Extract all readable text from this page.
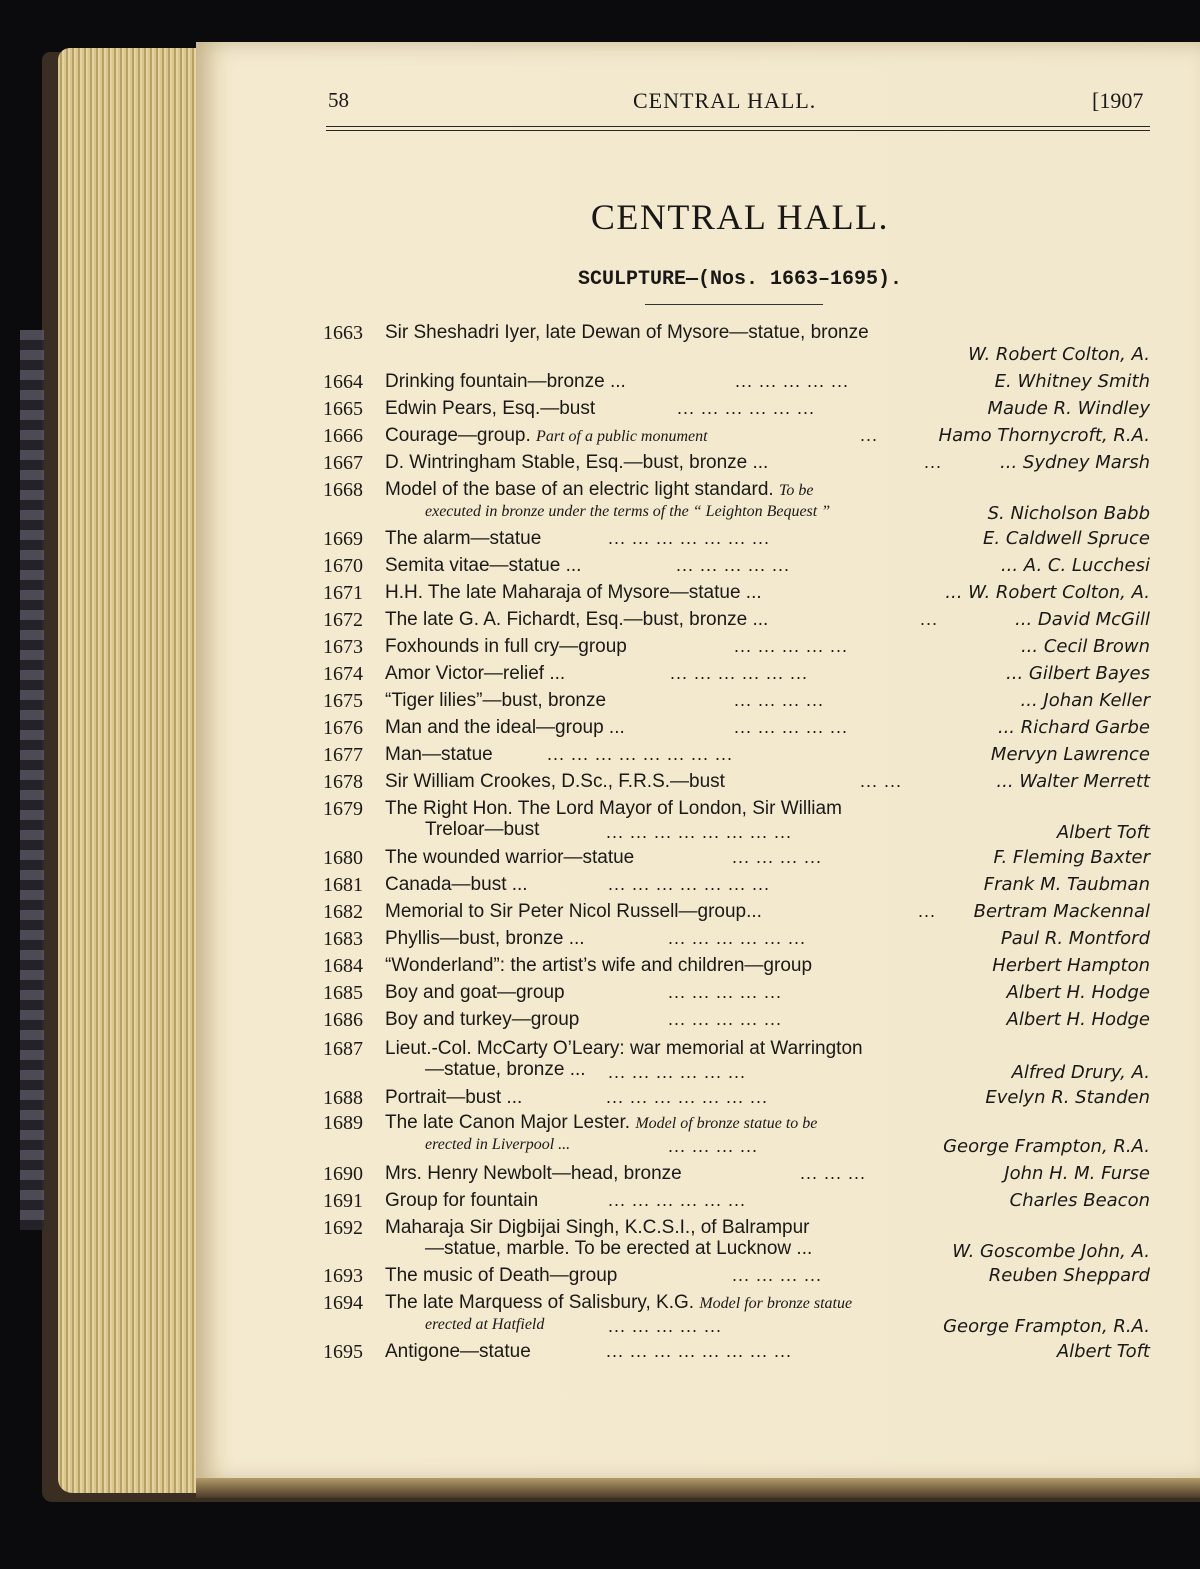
58	CENTRAL HALL.	[1907
CENTRAL HALL.
SCULPTURE—(Nos. 1663–1695).
1663	Sir Sheshadri Iyer, late Dewan of Mysore—statue, bronze
W. Robert Colton, A.
1664	Drinking fountain—bronze ...	... ... ... ... ...	E. Whitney Smith
1665	Edwin Pears, Esq.—bust	... ... ... ... ... ...	Maude R. Windley
1666	Courage—group. Part of a public monument	...	Hamo Thornycroft, R.A.
1667	D. Wintringham Stable, Esq.—bust, bronze ...	...	... Sydney Marsh
1668	Model of the base of an electric light standard. To be
executed in bronze under the terms of the “ Leighton Bequest ”	S. Nicholson Babb
1669	The alarm—statue	... ... ... ... ... ... ...	E. Caldwell Spruce
1670	Semita vitae—statue ...	... ... ... ... ...	... A. C. Lucchesi
1671	H.H. The late Maharaja of Mysore—statue ...	... W. Robert Colton, A.
1672	The late G. A. Fichardt, Esq.—bust, bronze ...	...	... David McGill
1673	Foxhounds in full cry—group	... ... ... ... ...	... Cecil Brown
1674	Amor Victor—relief ...	... ... ... ... ... ...	... Gilbert Bayes
1675	“Tiger lilies”—bust, bronze	... ... ... ...	... Johan Keller
1676	Man and the ideal—group ...	... ... ... ... ...	... Richard Garbe
1677	Man—statue	... ... ... ... ... ... ... ...	Mervyn Lawrence
1678	Sir William Crookes, D.Sc., F.R.S.—bust	... ...	... Walter Merrett
1679	The Right Hon. The Lord Mayor of London, Sir William
Treloar—bust	... ... ... ... ... ... ... ...	Albert Toft
1680	The wounded warrior—statue	... ... ... ...	F. Fleming Baxter
1681	Canada—bust ...	... ... ... ... ... ... ...	Frank M. Taubman
1682	Memorial to Sir Peter Nicol Russell—group...	... Bertram Mackennal
1683	Phyllis—bust, bronze ...	... ... ... ... ... ...	Paul R. Montford
1684	“Wonderland”: the artist’s wife and children—group	Herbert Hampton
1685	Boy and goat—group	... ... ... ... ...	Albert H. Hodge
1686	Boy and turkey—group	... ... ... ... ...	Albert H. Hodge
1687	Lieut.-Col. McCarty O’Leary: war memorial at Warrington
—statue, bronze ... ... ... ... ... ... ...	Alfred Drury, A.
1688	Portrait—bust ...	... ... ... ... ... ... ...	Evelyn R. Standen
1689	The late Canon Major Lester. Model of bronze statue to be
erected in Liverpool ...	... ... ... ...	George Frampton, R.A.
1690	Mrs. Henry Newbolt—head, bronze	... ... ...	John H. M. Furse
1691	Group for fountain	... ... ... ... ... ...	Charles Beacon
1692	Maharaja Sir Digbijai Singh, K.C.S.I., of Balrampur
—statue, marble. To be erected at Lucknow ...	W. Goscombe John, A.
1693	The music of Death—group	... ... ... ...	Reuben Sheppard
1694	The late Marquess of Salisbury, K.G. Model for bronze statue
erected at Hatfield	... ... ... ... ...	George Frampton, R.A.
1695	Antigone—statue	... ... ... ... ... ... ... ...	Albert Toft
